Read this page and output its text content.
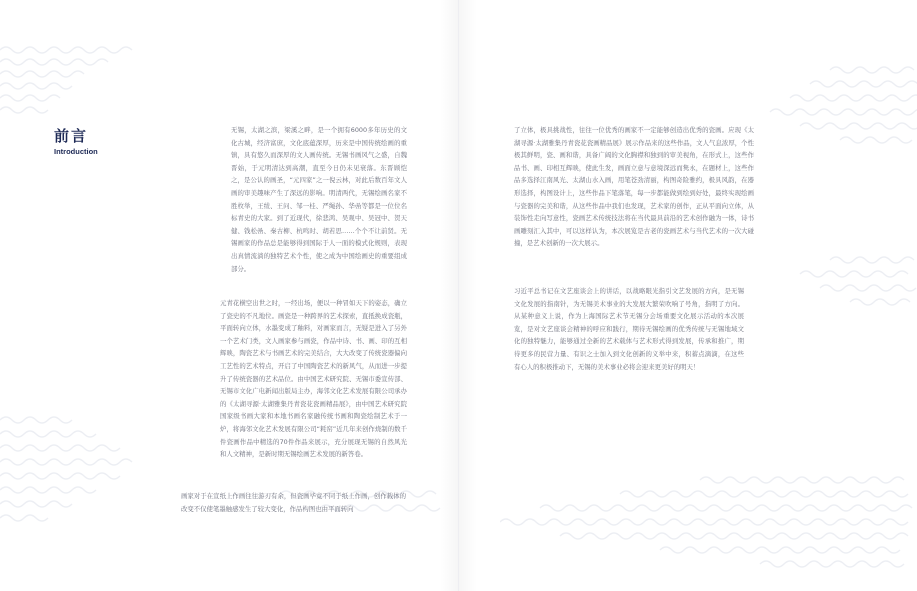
前言
Introduction

无锡，太湖之滨，梁溪之畔，是一个拥有6000多年历史的文化古城，经济富庶，文化底蕴深厚，历来是中国传统绘画的重镇，具有悠久而深厚的文人画传统。无锡书画风气之盛，自魏晋始，于元明清达到高潮，直至今日仍未见衰落。东晋顾恺之，是公认的画圣，“元四家”之一倪云林，对此后数百年文人画的审美趣味产生了深远的影响。明清两代，无锡绘画名家不胜枚举，王绂、王问、邹一桂、严绳孙、华嵒等都是一位位名标青史的大家。到了近现代，徐悲鸿、吴观中、吴冠中、贺天健、钱松喦、秦古柳、杭鸣时、胡若思……个个不让前贤。无锡画家的作品总是能够得到国际于人一面的模式化规则，表现出真情流淌的独特艺术个性，使之成为中国绘画史的重要组成部分。

元青花横空出世之时，一经出场，便以一种冒如天下的姿态，确立了瓷史的不凡地位。画瓷是一种跨界的艺术探索，直抵换成瓷瓶，平面转向立体，水墨变成了釉料，对画家而言，无疑是进入了另外一个艺术门类，文人画家参与画瓷，作品中诗、书、画、印的互相辉映，陶瓷艺术与书画艺术的完美结合，大大改变了传统瓷器偏向工艺性的艺术特点，开启了中国陶瓷艺术的新风气，从而进一步提升了传统瓷器的艺术品位。由中国艺术研究院、无锡市委宣传部、无锡市文化广电新闻出版局主办，海邻文化艺术发展有限公司承办的《太湖寻源·太湖雅集丹青瓷花瓷画精品展》，由中国艺术研究院国家级书画大家和本地书画名家融传统书画和陶瓷绘制艺术于一炉，将海邻文化艺术发展有限公司“耗窑”近几年来创作烧制的数千件瓷画作品中精选的70件作品来展示，充分展现无锡的自然风光和人文精神，是新时期无锡绘画艺术发展的新答卷。

画家对于在宣纸上作画往往游刃有余，但瓷画毕竟不同于纸上作画，创作载体的改变不仅使笔墨触感发生了较大变化，作品构图也由平面转向

了立体，极具挑战性，往往一位优秀的画家不一定能够创造出优秀的瓷画。应现《太湖寻源·太湖雅集丹青瓷花瓷画精品展》展示作品来的这些作品，文人气息浓厚，个性极其鲜明，瓷、画和谐，具备广阔的文化胸襟和独到的审美视角，在形式上，这些作品书、画、印相互辉映，使此生发，画面立意与意境深远而隽永，在题材上，这些作品多选择江南风光、太湖山水入画，用笔苍劲清丽，构图奇险雅约，极具风韵，在器形选择，构图设计上，这些作品下笔落笔，每一步都能做到绘到好处，最终实现绘画与瓷器的完美和谐，从这些作品中我们也发现，艺术家的创作，正从平面向立体，从装饰性走向写意性，瓷画艺术传统技法将在当代最具前沿的艺术创作融为一体，诗书画雕刻汇入其中，可以这样认为，本次展览是古老的瓷画艺术与当代艺术的一次大碰撞，是艺术创新的一次大展示。

习近平总书记在文艺座谈会上的讲话，以战略眼光指引文艺发展的方向，是无锡文化发展的指南针，为无锡美术事业的大发展大繁荣吹响了号角，指明了方向。从某种意义上说，作为上海国际艺术节无锡分会场重要文化展示活动的本次展览，是对文艺座谈会精神的呼应和践行，期待无锡绘画的优秀传统与无锡地域文化的独特魅力，能够通过全新的艺术载体与艺术形式得到发展，传承和推广，期待更多的民营力量、有识之士加入到文化创新的义举中来，积蓄点滴滴，在这些有心人的积极推动下，无锡的美术事业必将会迎来更美好的明天！
